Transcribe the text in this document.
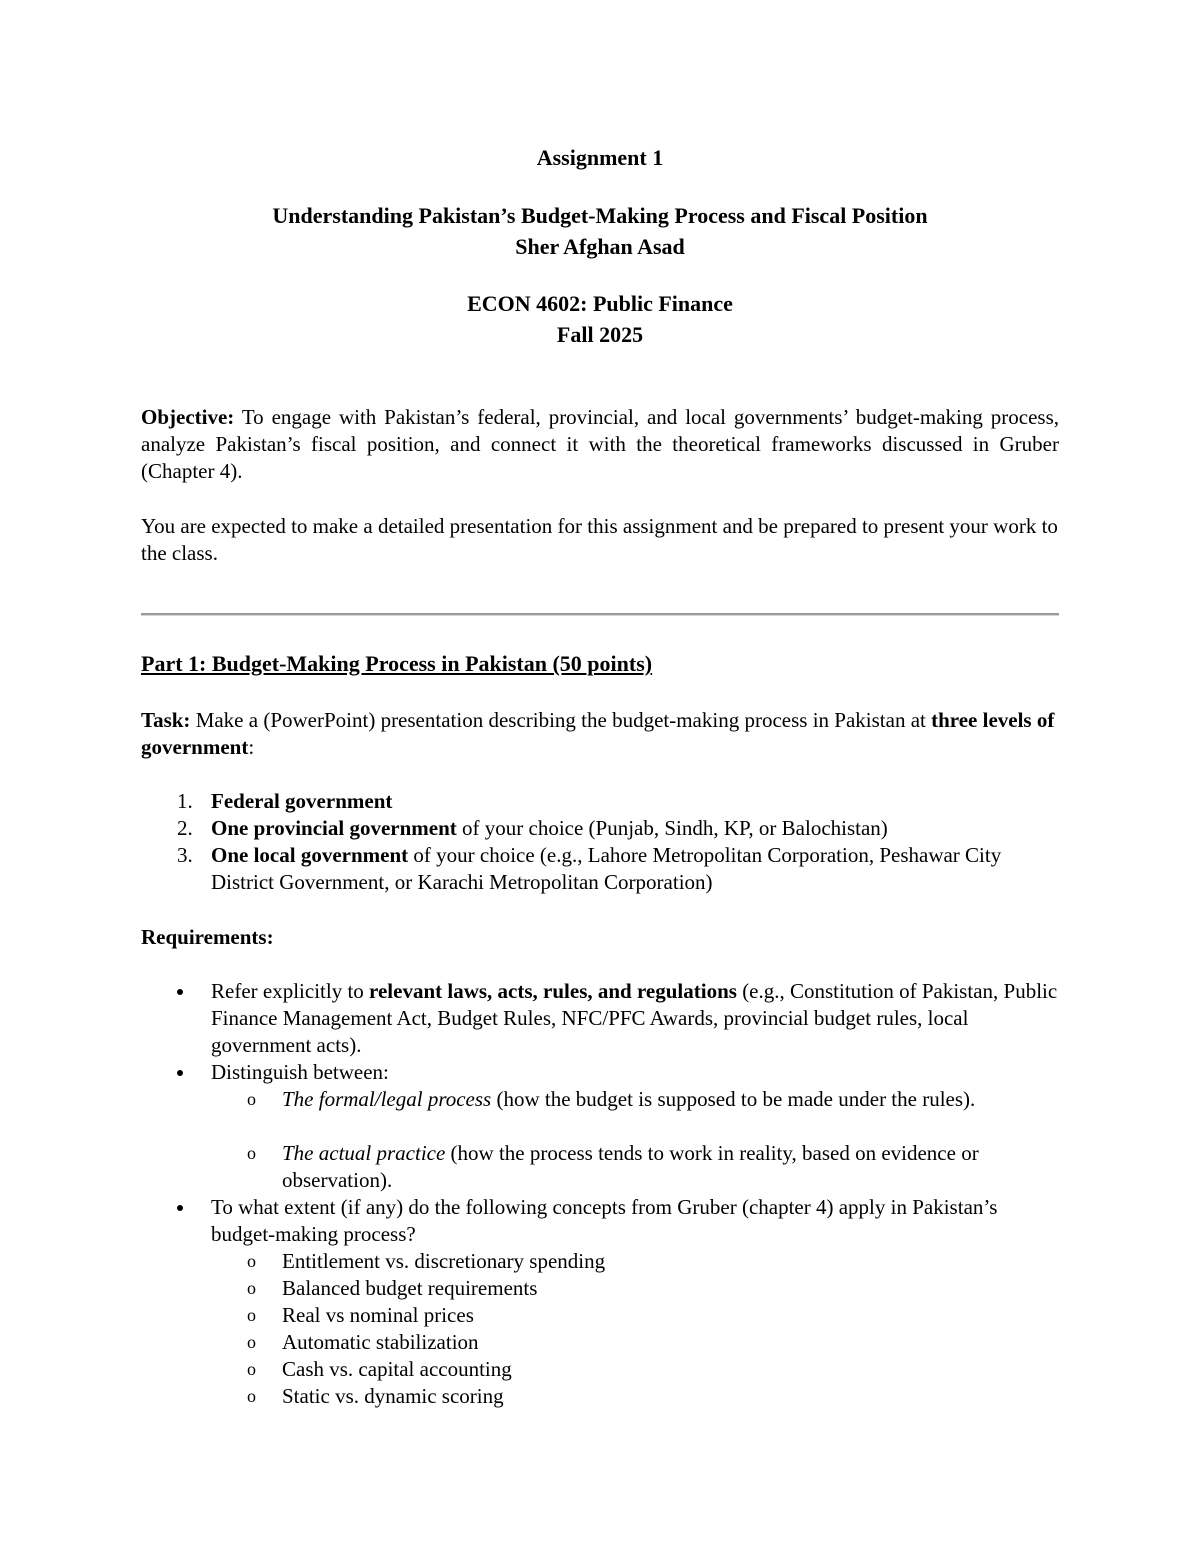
Assignment 1
Understanding Pakistan’s Budget-Making Process and Fiscal Position
Sher Afghan Asad
ECON 4602: Public Finance
Fall 2025
Objective: To engage with Pakistan’s federal, provincial, and local governments’ budget-making process, analyze Pakistan’s fiscal position, and connect it with the theoretical frameworks discussed in Gruber (Chapter 4).
You are expected to make a detailed presentation for this assignment and be prepared to present your work to the class.
Part 1: Budget-Making Process in Pakistan (50 points)
Task: Make a (PowerPoint) presentation describing the budget-making process in Pakistan at three levels of government:
1. Federal government
2. One provincial government of your choice (Punjab, Sindh, KP, or Balochistan)
3. One local government of your choice (e.g., Lahore Metropolitan Corporation, Peshawar City District Government, or Karachi Metropolitan Corporation)
Requirements:
Refer explicitly to relevant laws, acts, rules, and regulations (e.g., Constitution of Pakistan, Public Finance Management Act, Budget Rules, NFC/PFC Awards, provincial budget rules, local government acts).
Distinguish between:
o The formal/legal process (how the budget is supposed to be made under the rules).
o The actual practice (how the process tends to work in reality, based on evidence or observation).
To what extent (if any) do the following concepts from Gruber (chapter 4) apply in Pakistan’s budget-making process?
o Entitlement vs. discretionary spending
o Balanced budget requirements
o Real vs nominal prices
o Automatic stabilization
o Cash vs. capital accounting
o Static vs. dynamic scoring
